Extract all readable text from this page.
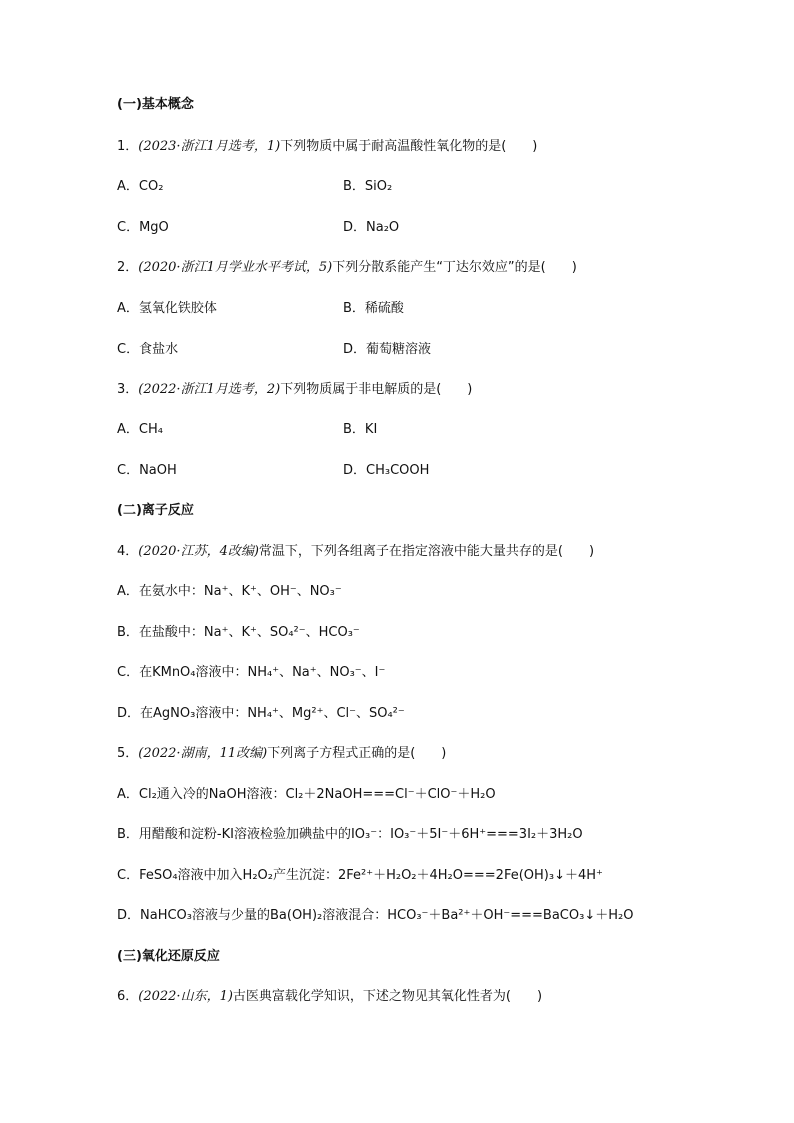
(一)基本概念
1．(2023·浙江1月选考，1)下列物质中属于耐高温酸性氧化物的是(　　)
A．CO₂	B．SiO₂
C．MgO	D．Na₂O
2．(2020·浙江1月学业水平考试，5)下列分散系能产生“丁达尔效应”的是(　　)
A．氢氧化铁胶体	B．稀硫酸
C．食盐水	D．葡萄糖溶液
3．(2022·浙江1月选考，2)下列物质属于非电解质的是(　　)
A．CH₄	B．KI
C．NaOH	D．CH₃COOH
(二)离子反应
4．(2020·江苏，4改编)常温下，下列各组离子在指定溶液中能大量共存的是(　　)
A．在氨水中：Na⁺、K⁺、OH⁻、NO₃⁻
B．在盐酸中：Na⁺、K⁺、SO₄²⁻、HCO₃⁻
C．在KMnO₄溶液中：NH₄⁺、Na⁺、NO₃⁻、I⁻
D．在AgNO₃溶液中：NH₄⁺、Mg²⁺、Cl⁻、SO₄²⁻
5．(2022·湖南，11改编)下列离子方程式正确的是(　　)
A．Cl₂通入冷的NaOH溶液：Cl₂＋2NaOH===Cl⁻＋ClO⁻＋H₂O
B．用醋酸和淀粉-KI溶液检验加碘盐中的IO₃⁻：IO₃⁻＋5I⁻＋6H⁺===3I₂＋3H₂O
C．FeSO₄溶液中加入H₂O₂产生沉淀：2Fe²⁺＋H₂O₂＋4H₂O===2Fe(OH)₃↓＋4H⁺
D．NaHCO₃溶液与少量的Ba(OH)₂溶液混合：HCO₃⁻＋Ba²⁺＋OH⁻===BaCO₃↓＋H₂O
(三)氧化还原反应
6．(2022·山东，1)古医典富载化学知识，下述之物见其氧化性者为(　　)
